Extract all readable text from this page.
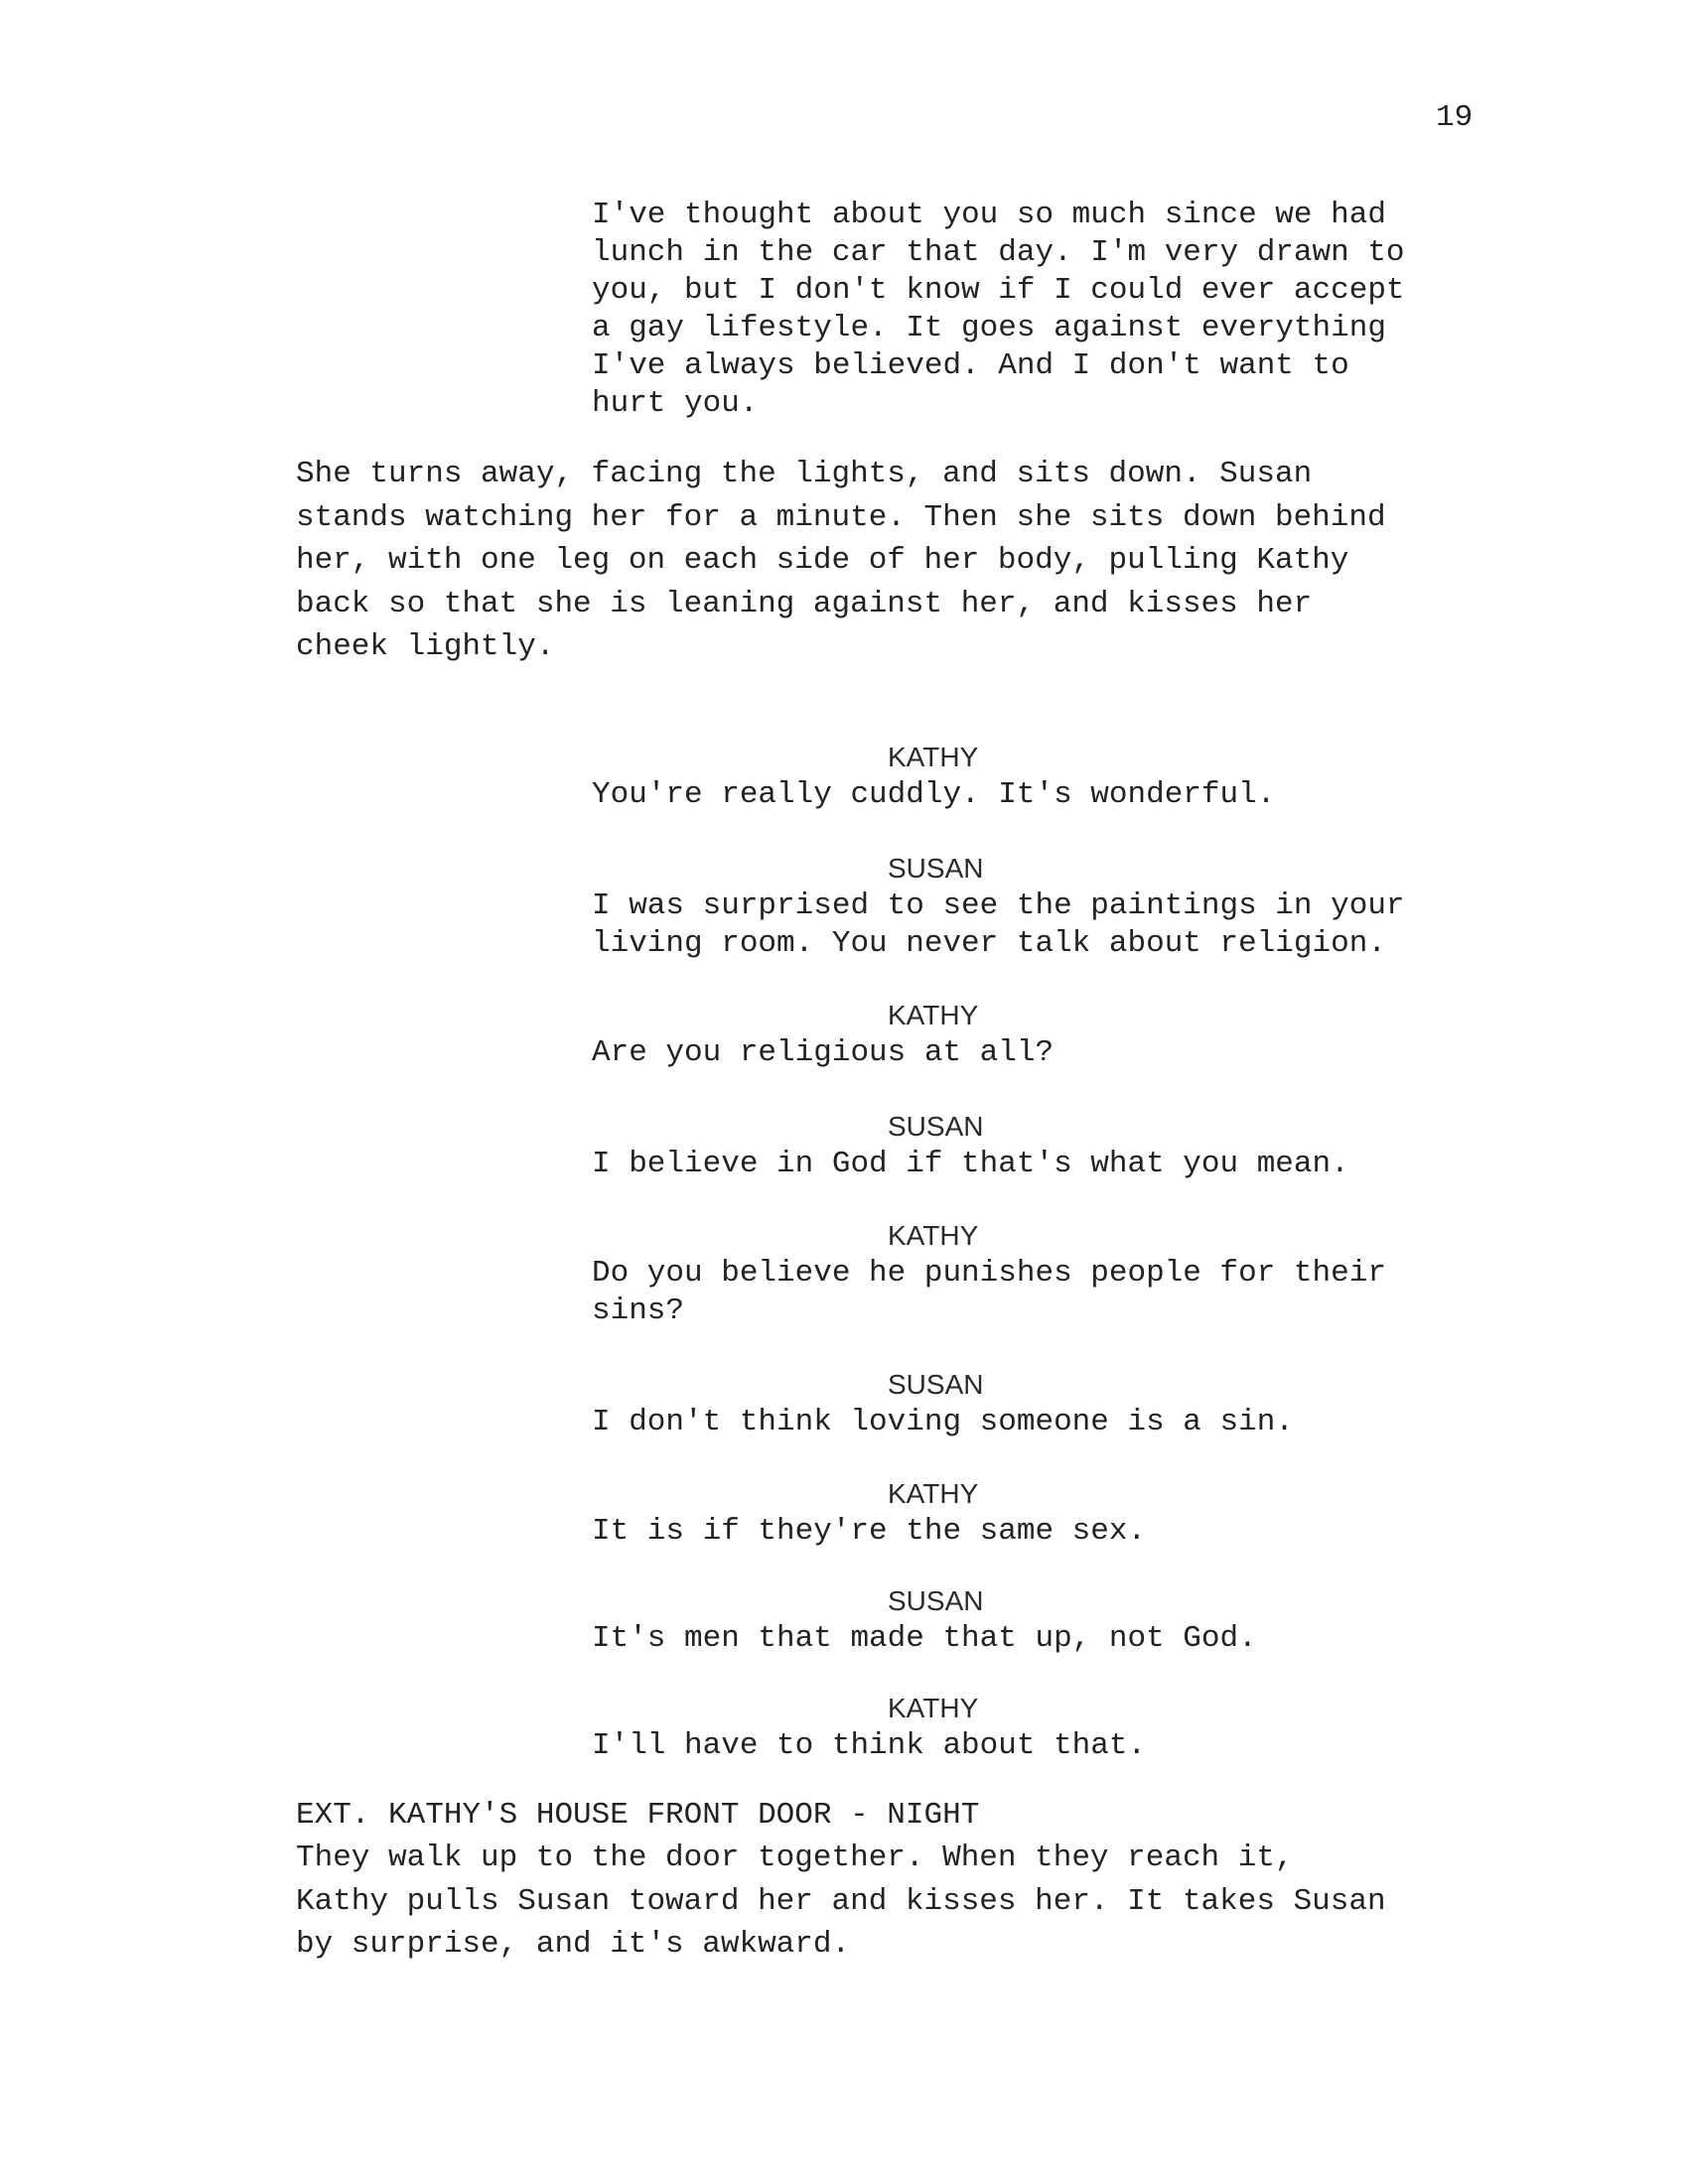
19
I've thought about you so much since we had
lunch in the car that day. I'm very drawn to
you, but I don't know if I could ever accept
a gay lifestyle. It goes against everything
I've always believed. And I don't want to
hurt you.
She turns away, facing the lights, and sits down. Susan
stands watching her for a minute. Then she sits down behind
her, with one leg on each side of her body, pulling Kathy
back so that she is leaning against her, and kisses her
cheek lightly.
KATHY
You're really cuddly. It's wonderful.
SUSAN
I was surprised to see the paintings in your
living room. You never talk about religion.
KATHY
Are you religious at all?
SUSAN
I believe in God if that's what you mean.
KATHY
Do you believe he punishes people for their
sins?
SUSAN
I don't think loving someone is a sin.
KATHY
It is if they're the same sex.
SUSAN
It's men that made that up, not God.
KATHY
I'll have to think about that.
EXT. KATHY'S HOUSE FRONT DOOR - NIGHT
They walk up to the door together. When they reach it,
Kathy pulls Susan toward her and kisses her. It takes Susan
by surprise, and it's awkward.
